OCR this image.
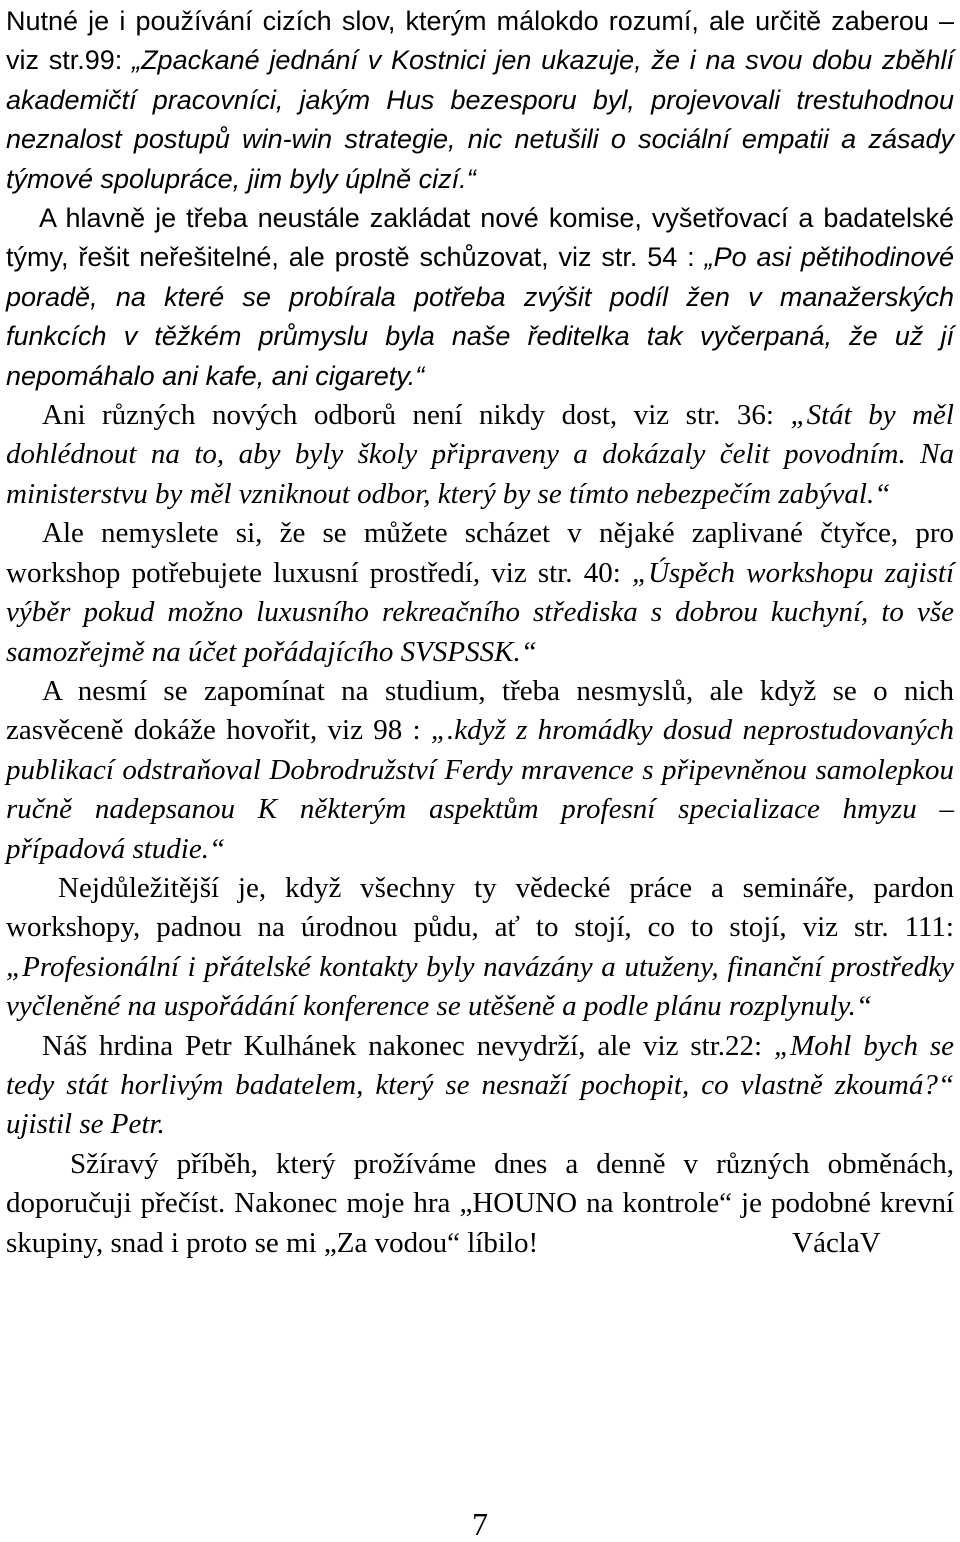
Nutné je i používání cizích slov, kterým málokdo rozumí, ale určitě zaberou – viz str.99: „Zpackané jednání v Kostnici jen ukazuje, že i na svou dobu zběhlí akademičtí pracovníci, jakým Hus bezesporu byl, projevovali trestuhodnou neznalost postupů win-win strategie, nic netušili o sociální empatii a zásady týmové spolupráce, jim byly úplně cizí.“

A hlavně je třeba neustále zakládat nové komise, vyšetřovací a badatelské týmy, řešit neřešitelné, ale prostě schůzovat, viz str. 54 : „Po asi pětihodinové poradě, na které se probírala potřeba zvýšit podíl žen v manažerských funkcích v těžkém průmyslu byla naše ředitelka tak vyčerpaná, že už jí nepomáhalo ani kafe, ani cigarety.“

Ani různých nových odborů není nikdy dost, viz str. 36: „Stát by měl dohlédnout na to, aby byly školy připraveny a dokázaly čelit povodním. Na ministerstvu by měl vzniknout odbor, který by se tímto nebezpečím zabýval.“

Ale nemyslete si, že se můžete scházet v nějaké zaplivané čtyřce, pro workshop potřebujete luxusní prostředí, viz str. 40: „Úspěch workshopu zajistí výběr pokud možno luxusního rekreačního střediska s dobrou kuchyní, to vše samozřejmě na účet pořádajícího SVSPSSK.“

A nesmí se zapomínat na studium, třeba nesmyslů, ale když se o nich zasvěceně dokáže hovořit, viz 98 : „.když z hromádky dosud neprostudovaných publikací odstraňoval Dobrodružství Ferdy mravence s připevněnou samolepkou ručně nadepsanou K některým aspektům profesní specializace hmyzu – případová studie.“

Nejdůležitější je, když všechny ty vědecké práce a semináře, pardon workshopy, padnou na úrodnou půdu, ať to stojí, co to stojí, viz str. 111: „Profesionální i přátelské kontakty byly navázány a utuženy, finanční prostředky vyčleněné na uspořádání konference se utěšeně a podle plánu rozplynuly.“

Náš hrdina Petr Kulhánek nakonec nevydrží, ale viz str.22: „Mohl bych se tedy stát horlivým badatelem, který se nesnaží pochopit, co vlastně zkoumá?“ ujistil se Petr.

Sžíravý příběh, který prožíváme dnes a denně v různých obměnách, doporučuji přečíst. Nakonec moje hra „HOUNO na kontrole“ je podobné krevní skupiny, snad i proto se mi „Za vodou“ líbilo!	VáclaV

7
